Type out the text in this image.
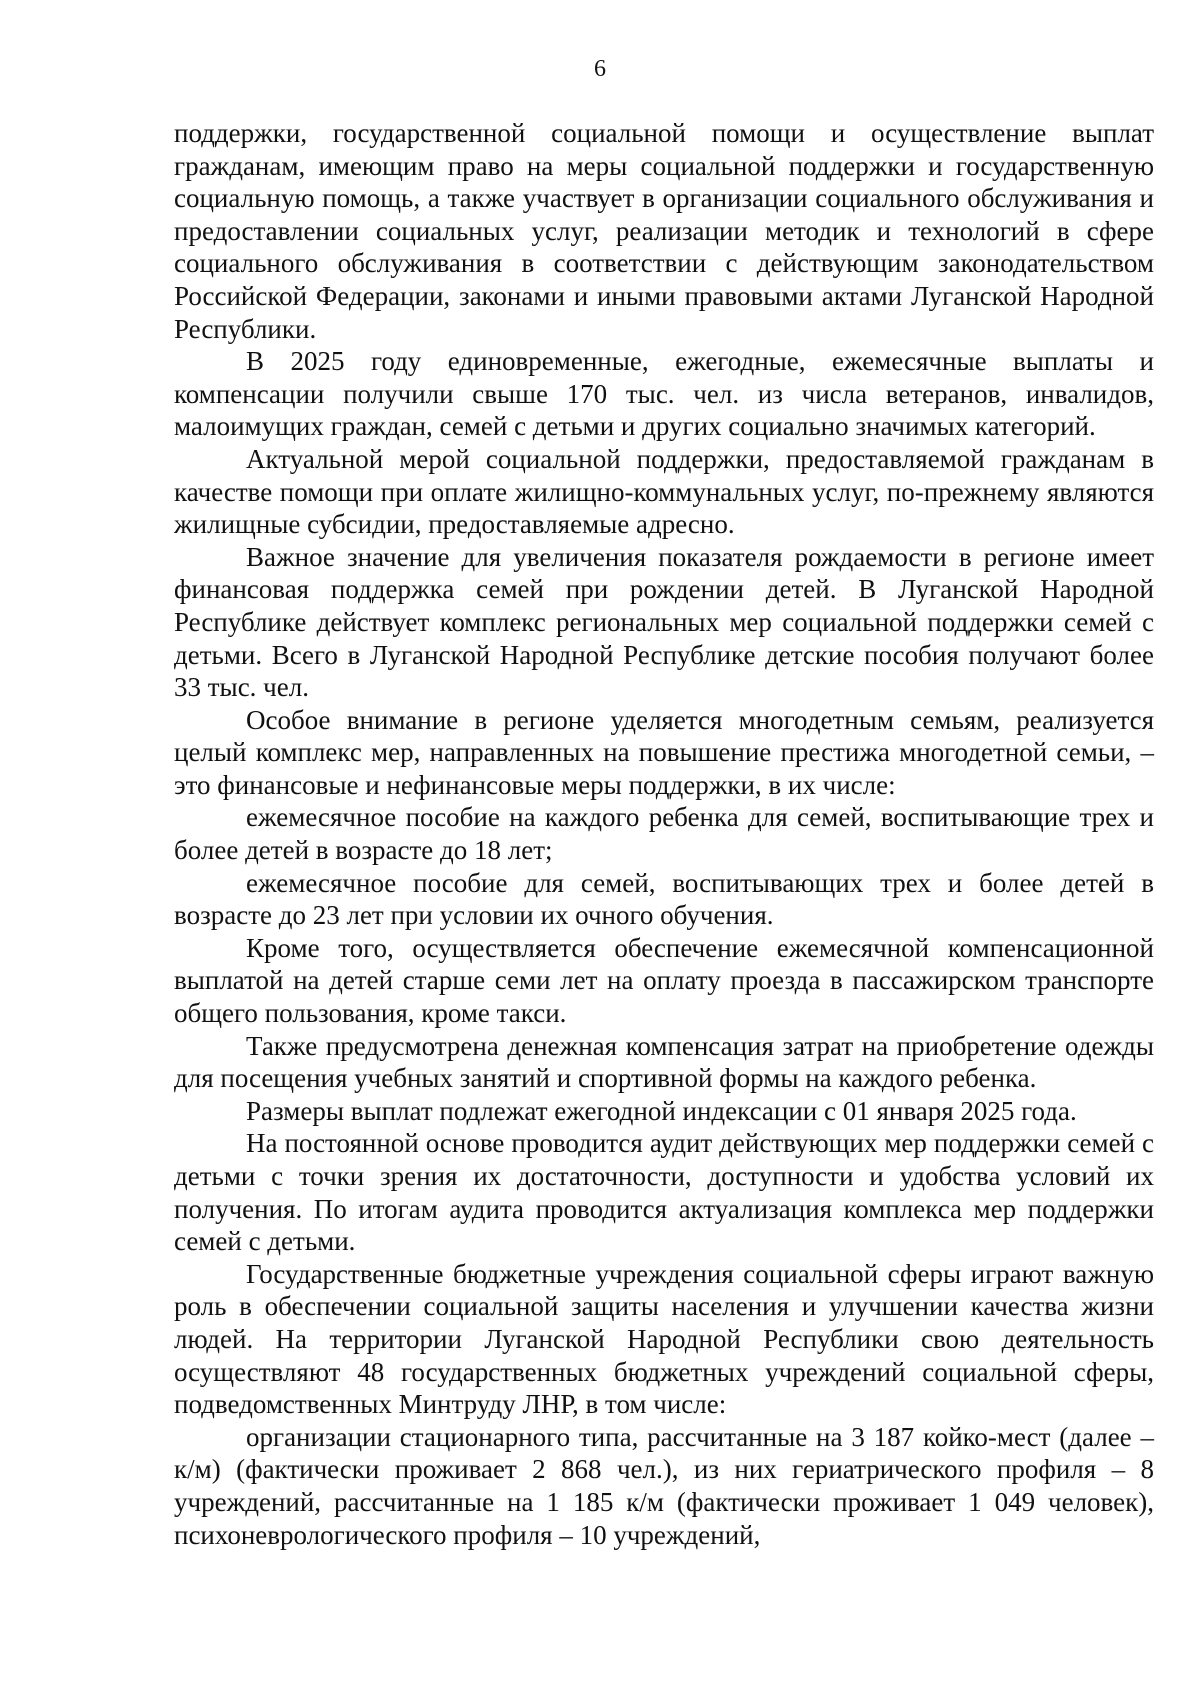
6

поддержки, государственной социальной помощи и осуществление выплат гражданам, имеющим право на меры социальной поддержки и государственную социальную помощь, а также участвует в организации социального обслуживания и предоставлении социальных услуг, реализации методик и технологий в сфере социального обслуживания в соответствии с действующим законодательством Российской Федерации, законами и иными правовыми актами Луганской Народной Республики.

В 2025 году единовременные, ежегодные, ежемесячные выплаты и компенсации получили свыше 170 тыс. чел. из числа ветеранов, инвалидов, малоимущих граждан, семей с детьми и других социально значимых категорий.

Актуальной мерой социальной поддержки, предоставляемой гражданам в качестве помощи при оплате жилищно-коммунальных услуг, по-прежнему являются жилищные субсидии, предоставляемые адресно.

Важное значение для увеличения показателя рождаемости в регионе имеет финансовая поддержка семей при рождении детей. В Луганской Народной Республике действует комплекс региональных мер социальной поддержки семей с детьми. Всего в Луганской Народной Республике детские пособия получают более 33 тыс. чел.

Особое внимание в регионе уделяется многодетным семьям, реализуется целый комплекс мер, направленных на повышение престижа многодетной семьи, – это финансовые и нефинансовые меры поддержки, в их числе:

ежемесячное пособие на каждого ребенка для семей, воспитывающие трех и более детей в возрасте до 18 лет;

ежемесячное пособие для семей, воспитывающих трех и более детей в возрасте до 23 лет при условии их очного обучения.

Кроме того, осуществляется обеспечение ежемесячной компенсационной выплатой на детей старше семи лет на оплату проезда в пассажирском транспорте общего пользования, кроме такси.

Также предусмотрена денежная компенсация затрат на приобретение одежды для посещения учебных занятий и спортивной формы на каждого ребенка.

Размеры выплат подлежат ежегодной индексации с 01 января 2025 года.

На постоянной основе проводится аудит действующих мер поддержки семей с детьми с точки зрения их достаточности, доступности и удобства условий их получения. По итогам аудита проводится актуализация комплекса мер поддержки семей с детьми.

Государственные бюджетные учреждения социальной сферы играют важную роль в обеспечении социальной защиты населения и улучшении качества жизни людей. На территории Луганской Народной Республики свою деятельность осуществляют 48 государственных бюджетных учреждений социальной сферы, подведомственных Минтруду ЛНР, в том числе:

организации стационарного типа, рассчитанные на 3 187 койко-мест (далее – к/м) (фактически проживает 2 868 чел.), из них гериатрического профиля – 8 учреждений, рассчитанные на 1 185 к/м (фактически проживает 1 049 человек), психоневрологического профиля – 10 учреждений,
